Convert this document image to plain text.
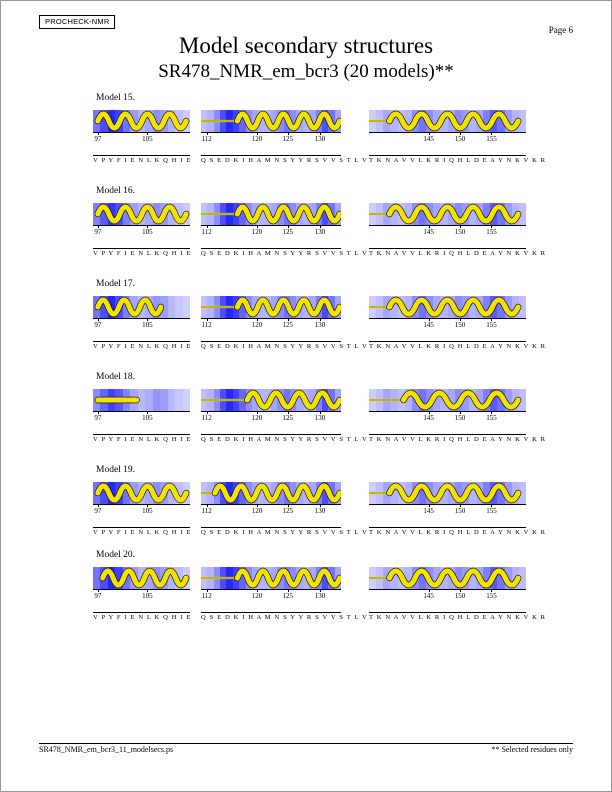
PROCHECK-NMR
Page 6
Model secondary structures
SR478_NMR_em_bcr3 (20 models)**
Model 15.
97	105
V P Y F I E N L K Q H I E
112	120	125	130
Q S E D K I H A M N S Y Y R S V V S T L V
145	150	155
T K N A V V L K R I Q H L D E A Y N K V K R
Model 16.
97	105
V P Y F I E N L K Q H I E
112	120	125	130
Q S E D K I H A M N S Y Y R S V V S T L V
145	150	155
T K N A V V L K R I Q H L D E A Y N K V K R
Model 17.
97	105
V P Y F I E N L K Q H I E
112	120	125	130
Q S E D K I H A M N S Y Y R S V V S T L V
145	150	155
T K N A V V L K R I Q H L D E A Y N K V K R
Model 18.
97	105
V P Y F I E N L K Q H I E
112	120	125	130
Q S E D K I H A M N S Y Y R S V V S T L V
145	150	155
T K N A V V L K R I Q H L D E A Y N K V K R
Model 19.
97	105
V P Y F I E N L K Q H I E
112	120	125	130
Q S E D K I H A M N S Y Y R S V V S T L V
145	150	155
T K N A V V L K R I Q H L D E A Y N K V K R
Model 20.
97	105
V P Y F I E N L K Q H I E
112	120	125	130
Q S E D K I H A M N S Y Y R S V V S T L V
145	150	155
T K N A V V L K R I Q H L D E A Y N K V K R
SR478_NMR_em_bcr3_11_modelsecs.ps	** Selected residues only
